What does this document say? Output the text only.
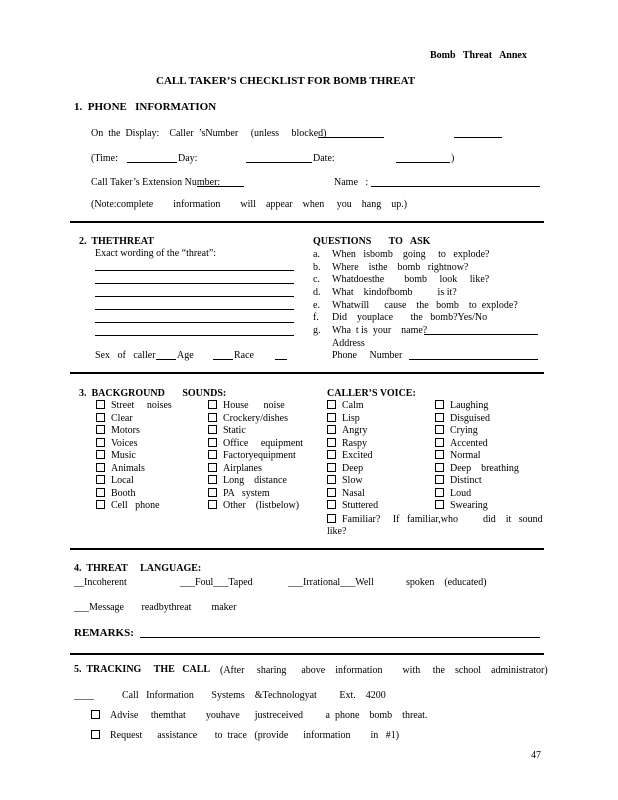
Bomb   Threat   Annex
CALL TAKER’S CHECKLIST FOR BOMB THREAT
1.  PHONE   INFORMATION
On  the  Display:    Caller  ’sNumber     (unless     blocked)
(Time:	Day:	Date:	)
Call Taker’s Extension Number:	Name   :
(Note:complete        information        will    appear    when     you    hang    up.)
2.  THETHREAT
Exact wording of the “threat”:
Sex   of   caller Age	Race
QUESTIONS       TO   ASK
a. When   isbomb    going     to   explode?
b. Where    isthe    bomb   rightnow?
c. Whatdoesthe        bomb     look     like?
d. What    kindofbomb          is it?
e. Whatwill      cause    the   bomb    to  explode?
f. Did    youplace       the   bomb?Yes/No
g. Wha  t is  your    name?
Address
Phone     Number
3.  BACKGROUND       SOUNDS:
Street     noises
Clear
Motors
Voices
Music
Animals
Local
Booth
Cell   phone
House      noise
Crockery/dishes
Static
Office     equipment
Factoryequipment
Airplanes
Long    distance
PA   system
Other    (listbelow)
CALLER’S VOICE:
Calm
Lisp
Angry
Raspy
Excited
Deep
Slow
Nasal
Stuttered
Laughing
Disguised
Crying
Accented
Normal
Deep    breathing
Distinct
Loud
Swearing
Familiar?     If   familiar,who          did    it   sound
like?
4.  THREAT     LANGUAGE:
__Incoherent	___Foul___Taped	___Irrational___Well	spoken    (educated)
___Message       readbythreat        maker
REMARKS:
5.  TRACKING     THE   CALL (After     sharing      above    information        with     the    school    administrator)
____	Call   Information       Systems    &Technologyat         Ext.    4200
Advise     themthat        youhave      justreceived         a  phone    bomb    threat.
Request      assistance       to  trace   (provide      information        in   #1)
47
